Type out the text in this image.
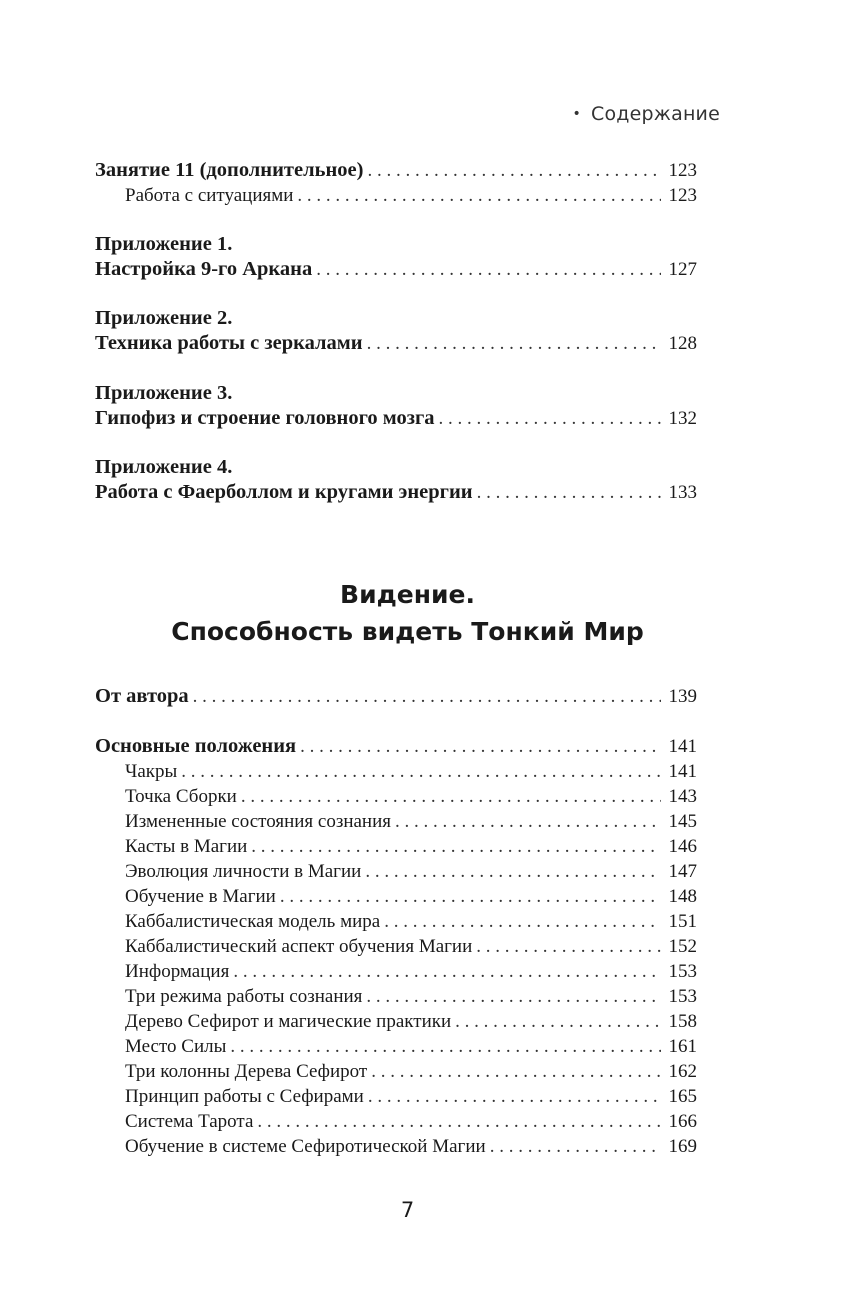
• Содержание
Занятие 11 (дополнительное) . . .	123
Работа с ситуациями . . .	123
Приложение 1.
Настройка 9-го Аркана . . .	127
Приложение 2.
Техника работы с зеркалами . . .	128
Приложение 3.
Гипофиз и строение головного мозга . . .	132
Приложение 4.
Работа с Фаерболлом и кругами энергии . . .	133
Видение.
Способность видеть Тонкий Мир
От автора . . .	139
Основные положения . . .	141
Чакры . . .	141
Точка Сборки . . .	143
Измененные состояния сознания . . .	145
Касты в Магии . . .	146
Эволюция личности в Магии . . .	147
Обучение в Магии . . .	148
Каббалистическая модель мира . . .	151
Каббалистический аспект обучения Магии . . .	152
Информация . . .	153
Три режима работы сознания . . .	153
Дерево Сефирот и магические практики . . .	158
Место Силы . . .	161
Три колонны Дерева Сефирот . . .	162
Принцип работы с Сефирами . . .	165
Система Тарота . . .	166
Обучение в системе Сефиротической Магии . . .	169
7
